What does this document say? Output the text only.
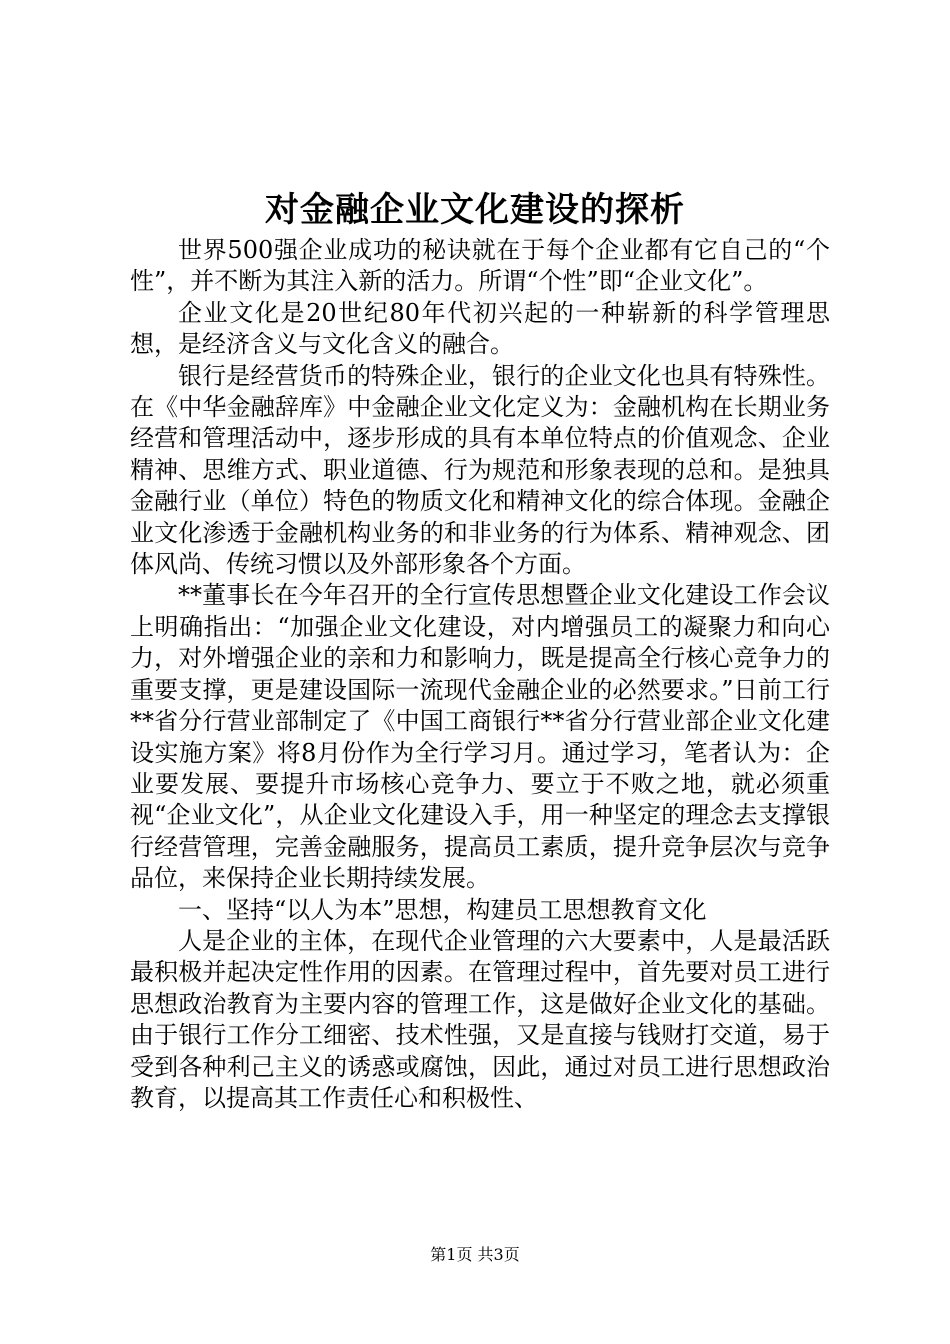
对金融企业文化建设的探析

世界500强企业成功的秘诀就在于每个企业都有它自己的“个性”，并不断为其注入新的活力。所谓“个性”即“企业文化”。

企业文化是20世纪80年代初兴起的一种崭新的科学管理思想，是经济含义与文化含义的融合。

银行是经营货币的特殊企业，银行的企业文化也具有特殊性。在《中华金融辞库》中金融企业文化定义为：金融机构在长期业务经营和管理活动中，逐步形成的具有本单位特点的价值观念、企业精神、思维方式、职业道德、行为规范和形象表现的总和。是独具金融行业（单位）特色的物质文化和精神文化的综合体现。金融企业文化渗透于金融机构业务的和非业务的行为体系、精神观念、团体风尚、传统习惯以及外部形象各个方面。

**董事长在今年召开的全行宣传思想暨企业文化建设工作会议上明确指出：“加强企业文化建设，对内增强员工的凝聚力和向心力，对外增强企业的亲和力和影响力，既是提高全行核心竞争力的重要支撑，更是建设国际一流现代金融企业的必然要求。”日前工行**省分行营业部制定了《中国工商银行**省分行营业部企业文化建设实施方案》将8月份作为全行学习月。通过学习，笔者认为：企业要发展、要提升市场核心竞争力、要立于不败之地，就必须重视“企业文化”，从企业文化建设入手，用一种坚定的理念去支撑银行经营管理，完善金融服务，提高员工素质，提升竞争层次与竞争品位，来保持企业长期持续发展。

一、坚持“以人为本”思想，构建员工思想教育文化

人是企业的主体，在现代企业管理的六大要素中，人是最活跃最积极并起决定性作用的因素。在管理过程中，首先要对员工进行思想政治教育为主要内容的管理工作，这是做好企业文化的基础。由于银行工作分工细密、技术性强，又是直接与钱财打交道，易于受到各种利己主义的诱惑或腐蚀，因此，通过对员工进行思想政治教育，以提高其工作责任心和积极性、

第1页 共3页
